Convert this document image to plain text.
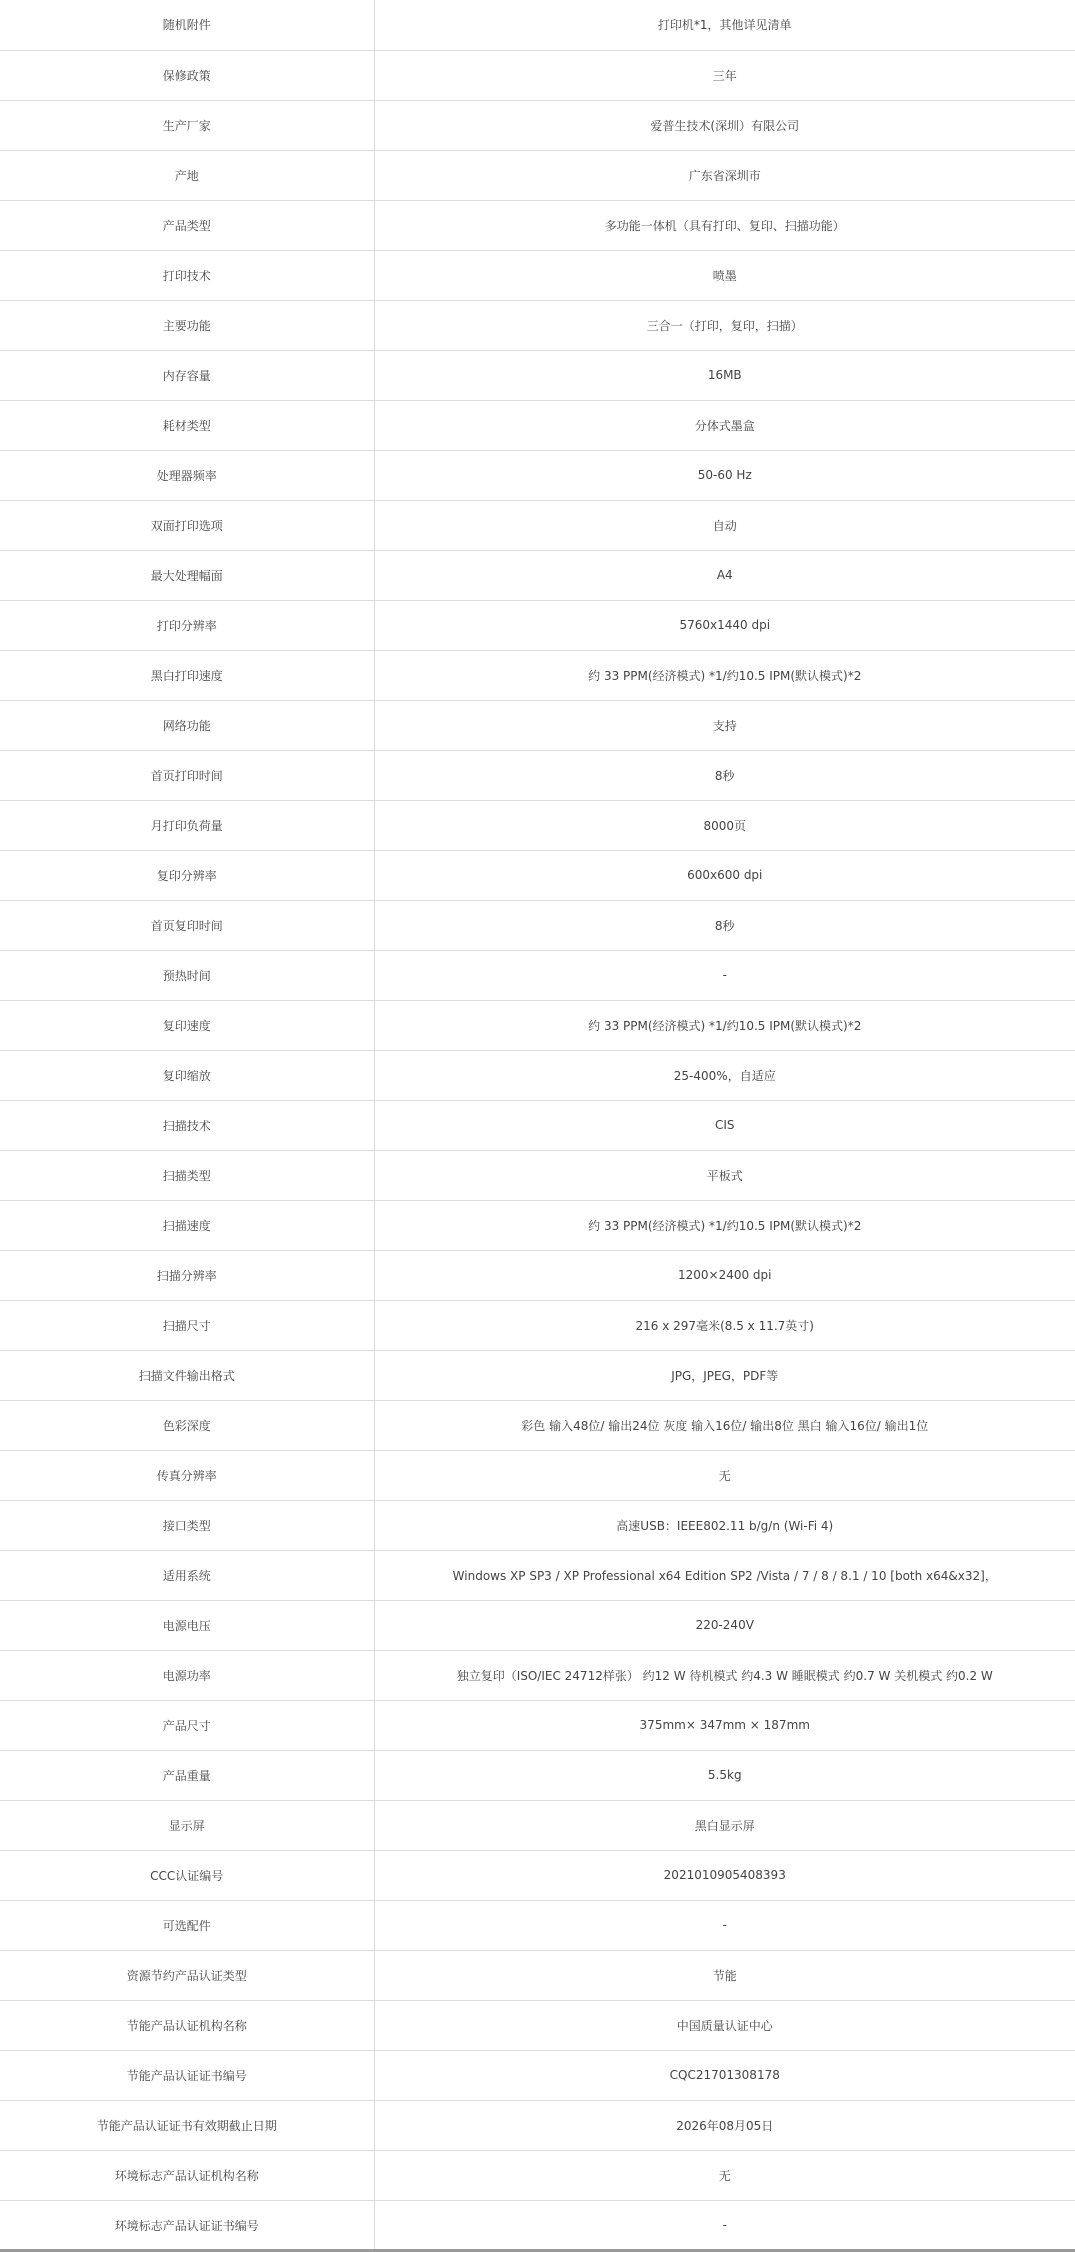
随机附件	打印机*1，其他详见清单
保修政策	三年
生产厂家	爱普生技术(深圳）有限公司
产地	广东省深圳市
产品类型	多功能一体机（具有打印、复印、扫描功能）
打印技术	喷墨
主要功能	三合一（打印，复印，扫描）
内存容量	16MB
耗材类型	分体式墨盒
处理器频率	50-60 Hz
双面打印选项	自动
最大处理幅面	A4
打印分辨率	5760x1440 dpi
黑白打印速度	约 33 PPM(经济模式) *1/约10.5 IPM(默认模式)*2
网络功能	支持
首页打印时间	8秒
月打印负荷量	8000页
复印分辨率	600x600 dpi
首页复印时间	8秒
预热时间	-
复印速度	约 33 PPM(经济模式) *1/约10.5 IPM(默认模式)*2
复印缩放	25-400%，自适应
扫描技术	CIS
扫描类型	平板式
扫描速度	约 33 PPM(经济模式) *1/约10.5 IPM(默认模式)*2
扫描分辨率	1200×2400 dpi
扫描尺寸	216 x 297毫米(8.5 x 11.7英寸)
扫描文件输出格式	JPG，JPEG，PDF等
色彩深度	彩色 输入48位/ 输出24位 灰度 输入16位/ 输出8位 黑白 输入16位/ 输出1位
传真分辨率	无
接口类型	高速USB：IEEE802.11 b/g/n (Wi-Fi 4)
适用系统	Windows XP SP3 / XP Professional x64 Edition SP2 /Vista / 7 / 8 / 8.1 / 10 [both x64&x32]，
电源电压	220-240V
电源功率	独立复印（ISO/IEC 24712样张） 约12 W 待机模式 约4.3 W 睡眠模式 约0.7 W 关机模式 约0.2 W
产品尺寸	375mm× 347mm × 187mm
产品重量	5.5kg
显示屏	黑白显示屏
CCC认证编号	2021010905408393
可选配件	-
资源节约产品认证类型	节能
节能产品认证机构名称	中国质量认证中心
节能产品认证证书编号	CQC21701308178
节能产品认证证书有效期截止日期	2026年08月05日
环境标志产品认证机构名称	无
环境标志产品认证证书编号	-
